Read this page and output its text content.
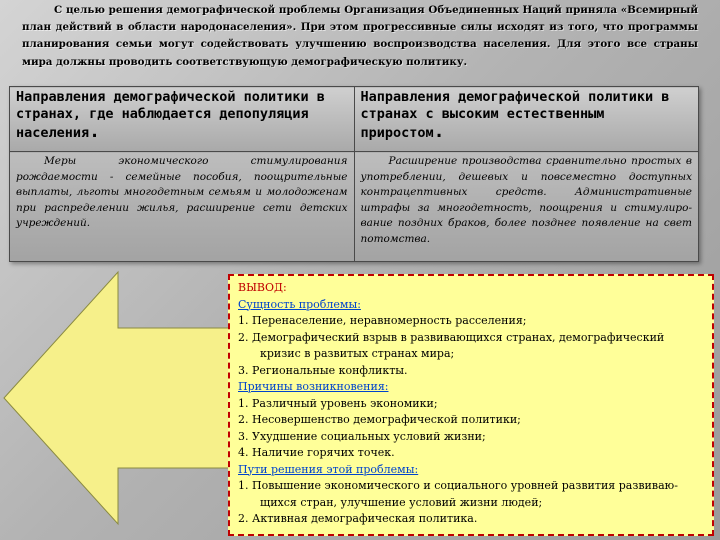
С целью решения демографической проблемы Организация Объединенных Наций приняла «Всемирный план действий в области народонаселения». При этом прогрессивные силы исходят из того, что программы планирования семьи могут содействовать улучшению воспроизводства населения. Для этого все страны мира должны проводить соответствующую демографическую политику.

Направления демографической политики в странах, где наблюдается депопуляция населения.	Направления демографической политики в странах с высоким естественным приростом.

Меры экономического стимулирования рождаемости - семейные пособия, поощрительные выплаты, льготы многодетным семьям и молодоженам при распределении жилья, расширение сети детских учреждений.	Расширение производства сравнительно простых в употреблении, дешевых и повсеместно доступных контрацептивных средств. Административные штрафы за многодетность, поощрения и стимулиро-вание поздних браков, более позднее появление на свет потомства.

ВЫВОД:
Сущность проблемы:
1. Перенаселение, неравномерность расселения;
2. Демографический взрыв в развивающихся странах, демографический
кризис в развитых странах мира;
3. Региональные конфликты.
Причины возникновения:
1. Различный уровень экономики;
2. Несовершенство демографической политики;
3. Ухудшение социальных условий жизни;
4. Наличие горячих точек.
Пути решения этой проблемы:
1. Повышение экономического и социального уровней развития развиваю-
щихся стран, улучшение условий жизни людей;
2. Активная демографическая политика.
